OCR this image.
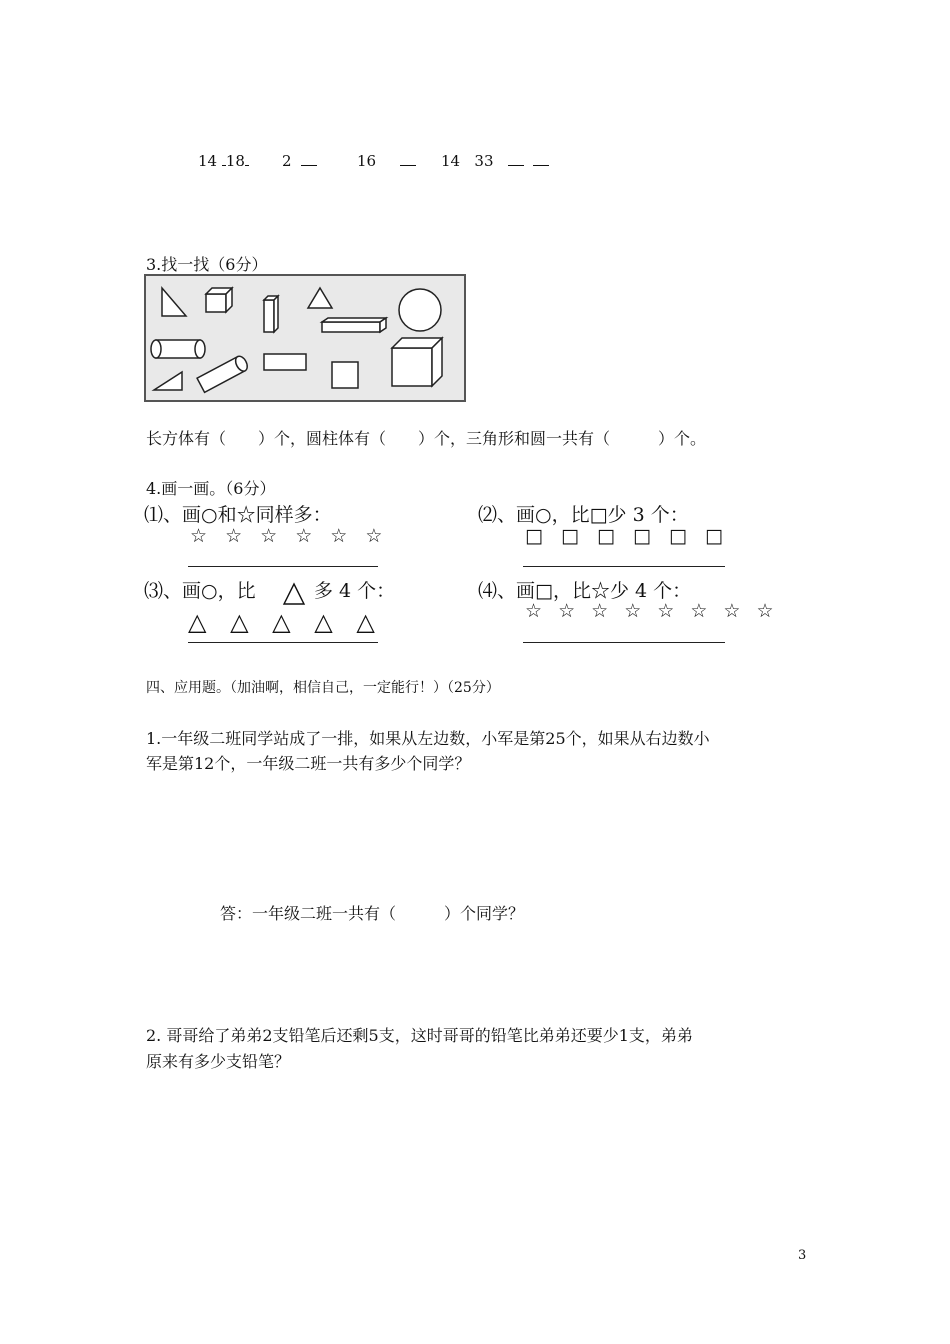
14 18 2	16	14 33
3.找一找（6分）
长方体有（　　）个，圆柱体有（　　）个，三角形和圆一共有（　　　）个。
4.画一画。（6分）
⑴、画○和☆同样多：
☆ ☆ ☆ ☆ ☆ ☆
⑵、画○，比□少 3 个：
□ □ □ □ □ □
⑶、画○，比	多 4 个：
△ △ △ △ △
⑷、画□，比☆少 4 个：
☆ ☆ ☆ ☆ ☆ ☆ ☆ ☆
四、应用题。（加油啊，相信自己，一定能行！）（25分）
1.一年级二班同学站成了一排，如果从左边数，小军是第25个，如果从右边数小
军是第12个，一年级二班一共有多少个同学？
答：一年级二班一共有（　　　）个同学？
2. 哥哥给了弟弟2支铅笔后还剩5支，这时哥哥的铅笔比弟弟还要少1支，弟弟
原来有多少支铅笔？
3
